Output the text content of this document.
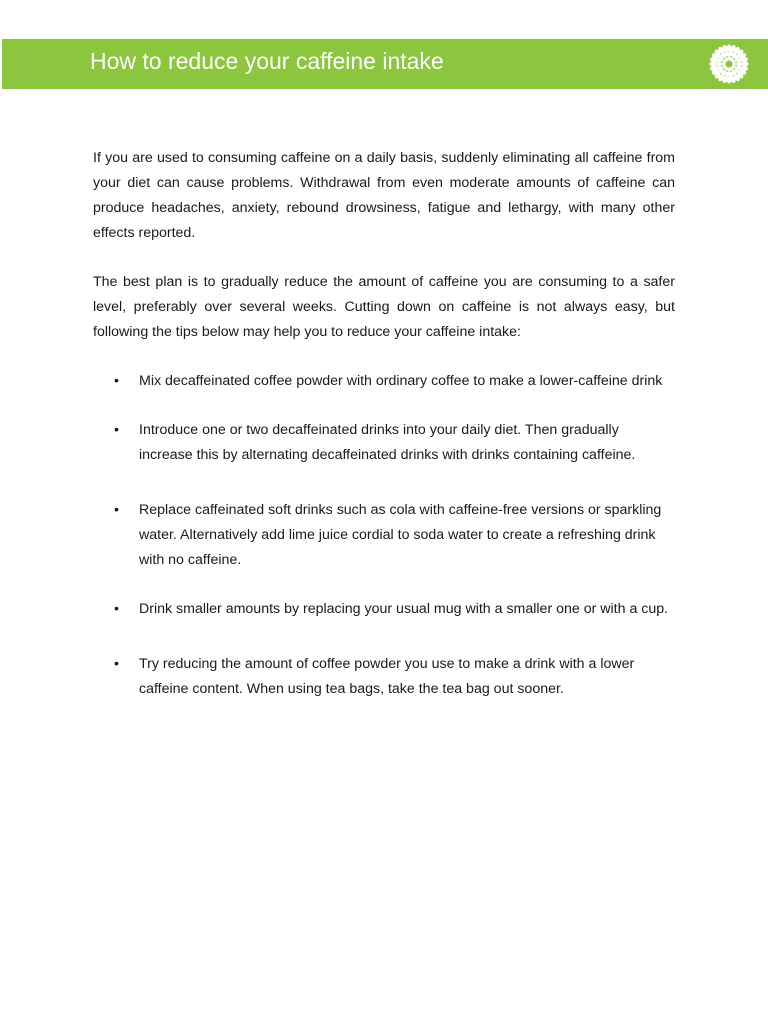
How to reduce your caffeine intake

If you are used to consuming caffeine on a daily basis, suddenly eliminating all caffeine from your diet can cause problems. Withdrawal from even moderate amounts of caffeine can produce headaches, anxiety, rebound drowsiness, fatigue and lethargy, with many other effects reported.

The best plan is to gradually reduce the amount of caffeine you are consuming to a safer level, preferably over several weeks. Cutting down on caffeine is not always easy, but following the tips below may help you to reduce your caffeine intake:

• Mix decaffeinated coffee powder with ordinary coffee to make a lower-caffeine drink
• Introduce one or two decaffeinated drinks into your daily diet. Then gradually increase this by alternating decaffeinated drinks with drinks containing caffeine.
• Replace caffeinated soft drinks such as cola with caffeine-free versions or sparkling water. Alternatively add lime juice cordial to soda water to create a refreshing drink with no caffeine.
• Drink smaller amounts by replacing your usual mug with a smaller one or with a cup.
• Try reducing the amount of coffee powder you use to make a drink with a lower caffeine content. When using tea bags, take the tea bag out sooner.
